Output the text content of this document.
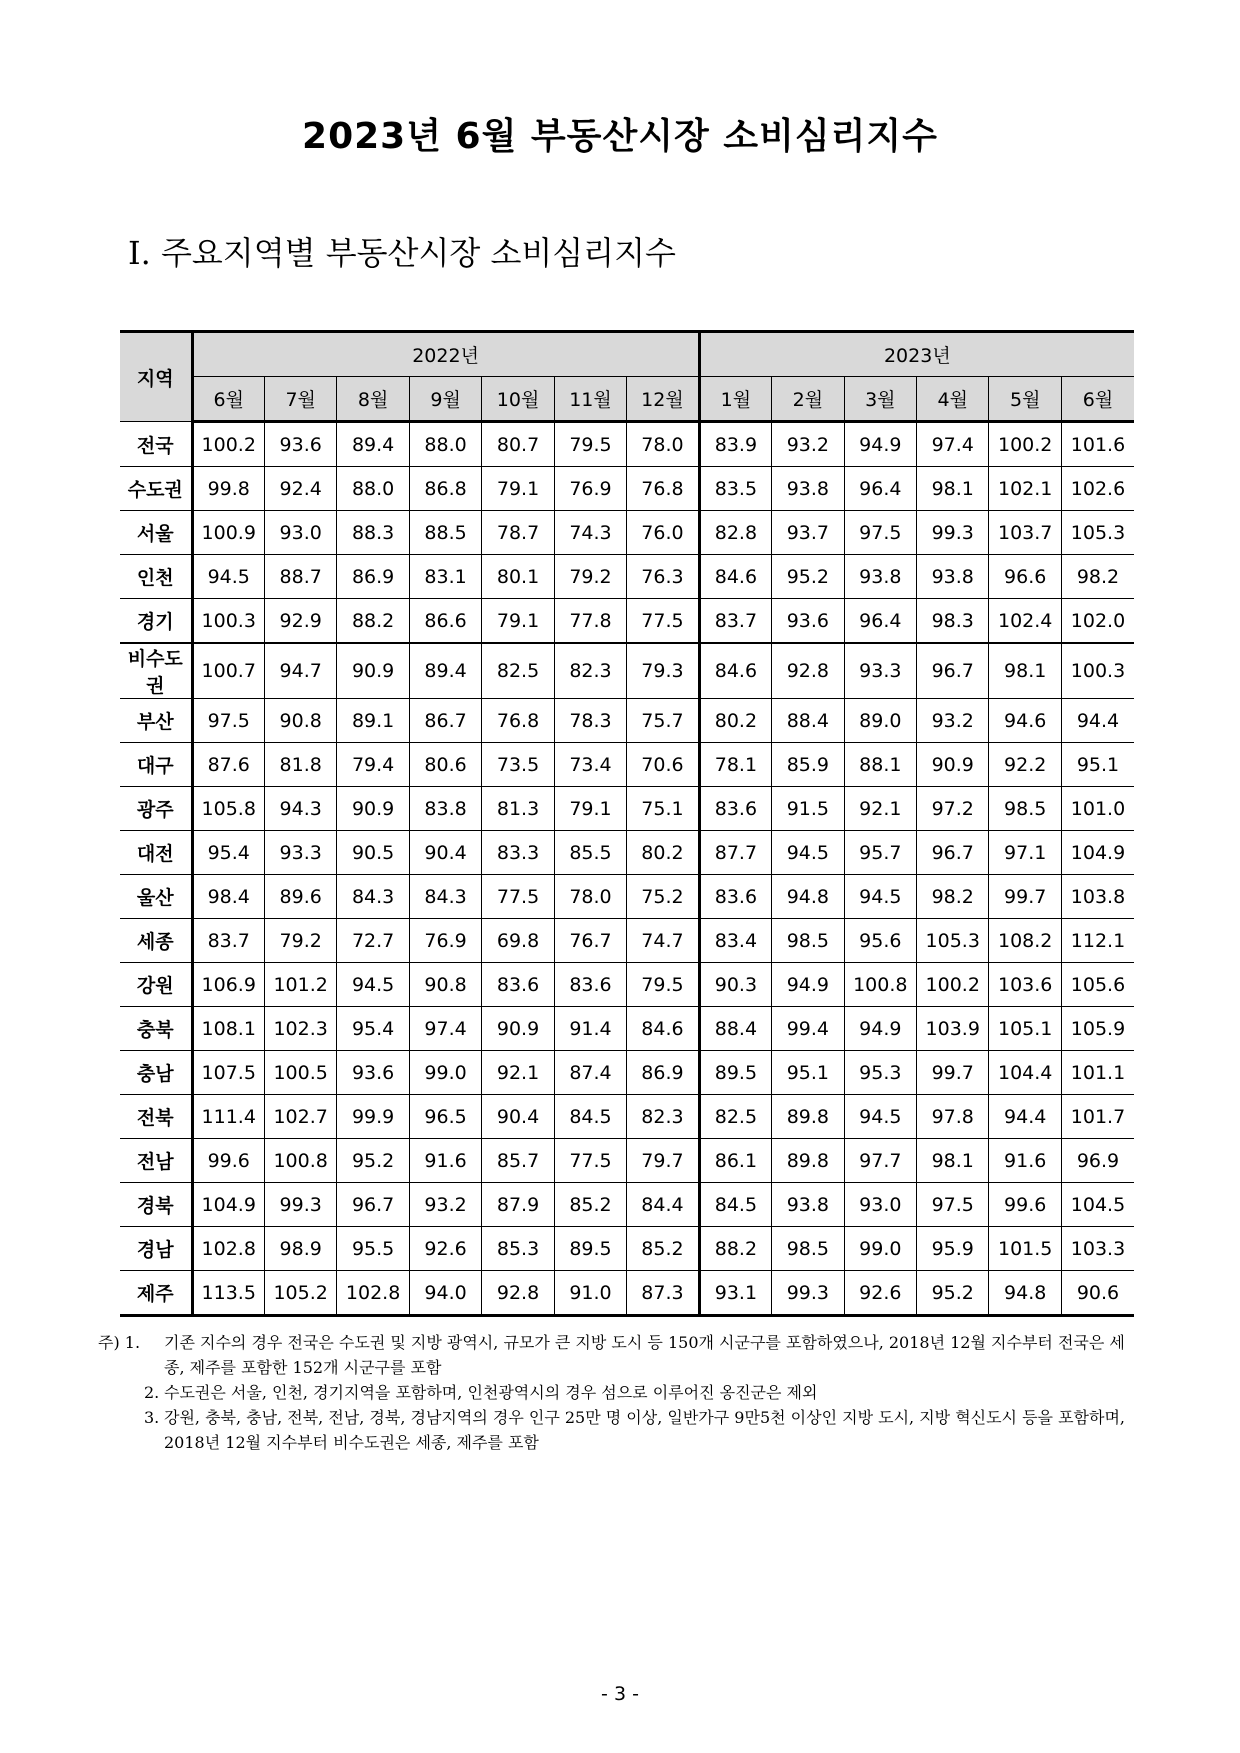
2023년 6월 부동산시장 소비심리지수
Ⅰ. 주요지역별 부동산시장 소비심리지수
지역	2022년							2023년					
	6월	7월	8월	9월	10월	11월	12월	1월	2월	3월	4월	5월	6월
전국	100.2	93.6	89.4	88.0	80.7	79.5	78.0	83.9	93.2	94.9	97.4	100.2	101.6
수도권	99.8	92.4	88.0	86.8	79.1	76.9	76.8	83.5	93.8	96.4	98.1	102.1	102.6
서울	100.9	93.0	88.3	88.5	78.7	74.3	76.0	82.8	93.7	97.5	99.3	103.7	105.3
인천	94.5	88.7	86.9	83.1	80.1	79.2	76.3	84.6	95.2	93.8	93.8	96.6	98.2
경기	100.3	92.9	88.2	86.6	79.1	77.8	77.5	83.7	93.6	96.4	98.3	102.4	102.0
비수도권	100.7	94.7	90.9	89.4	82.5	82.3	79.3	84.6	92.8	93.3	96.7	98.1	100.3
부산	97.5	90.8	89.1	86.7	76.8	78.3	75.7	80.2	88.4	89.0	93.2	94.6	94.4
대구	87.6	81.8	79.4	80.6	73.5	73.4	70.6	78.1	85.9	88.1	90.9	92.2	95.1
광주	105.8	94.3	90.9	83.8	81.3	79.1	75.1	83.6	91.5	92.1	97.2	98.5	101.0
대전	95.4	93.3	90.5	90.4	83.3	85.5	80.2	87.7	94.5	95.7	96.7	97.1	104.9
울산	98.4	89.6	84.3	84.3	77.5	78.0	75.2	83.6	94.8	94.5	98.2	99.7	103.8
세종	83.7	79.2	72.7	76.9	69.8	76.7	74.7	83.4	98.5	95.6	105.3	108.2	112.1
강원	106.9	101.2	94.5	90.8	83.6	83.6	79.5	90.3	94.9	100.8	100.2	103.6	105.6
충북	108.1	102.3	95.4	97.4	90.9	91.4	84.6	88.4	99.4	94.9	103.9	105.1	105.9
충남	107.5	100.5	93.6	99.0	92.1	87.4	86.9	89.5	95.1	95.3	99.7	104.4	101.1
전북	111.4	102.7	99.9	96.5	90.4	84.5	82.3	82.5	89.8	94.5	97.8	94.4	101.7
전남	99.6	100.8	95.2	91.6	85.7	77.5	79.7	86.1	89.8	97.7	98.1	91.6	96.9
경북	104.9	99.3	96.7	93.2	87.9	85.2	84.4	84.5	93.8	93.0	97.5	99.6	104.5
경남	102.8	98.9	95.5	92.6	85.3	89.5	85.2	88.2	98.5	99.0	95.9	101.5	103.3
제주	113.5	105.2	102.8	94.0	92.8	91.0	87.3	93.1	99.3	92.6	95.2	94.8	90.6
주) 1. 기존 지수의 경우 전국은 수도권 및 지방 광역시, 규모가 큰 지방 도시 등 150개 시군구를 포함하였으나, 2018년 12월 지수부터 전국은 세종, 제주를 포함한 152개 시군구를 포함
2. 수도권은 서울, 인천, 경기지역을 포함하며, 인천광역시의 경우 섬으로 이루어진 옹진군은 제외
3. 강원, 충북, 충남, 전북, 전남, 경북, 경남지역의 경우 인구 25만 명 이상, 일반가구 9만5천 이상인 지방 도시, 지방 혁신도시 등을 포함하며, 2018년 12월 지수부터 비수도권은 세종, 제주를 포함
- 3 -
